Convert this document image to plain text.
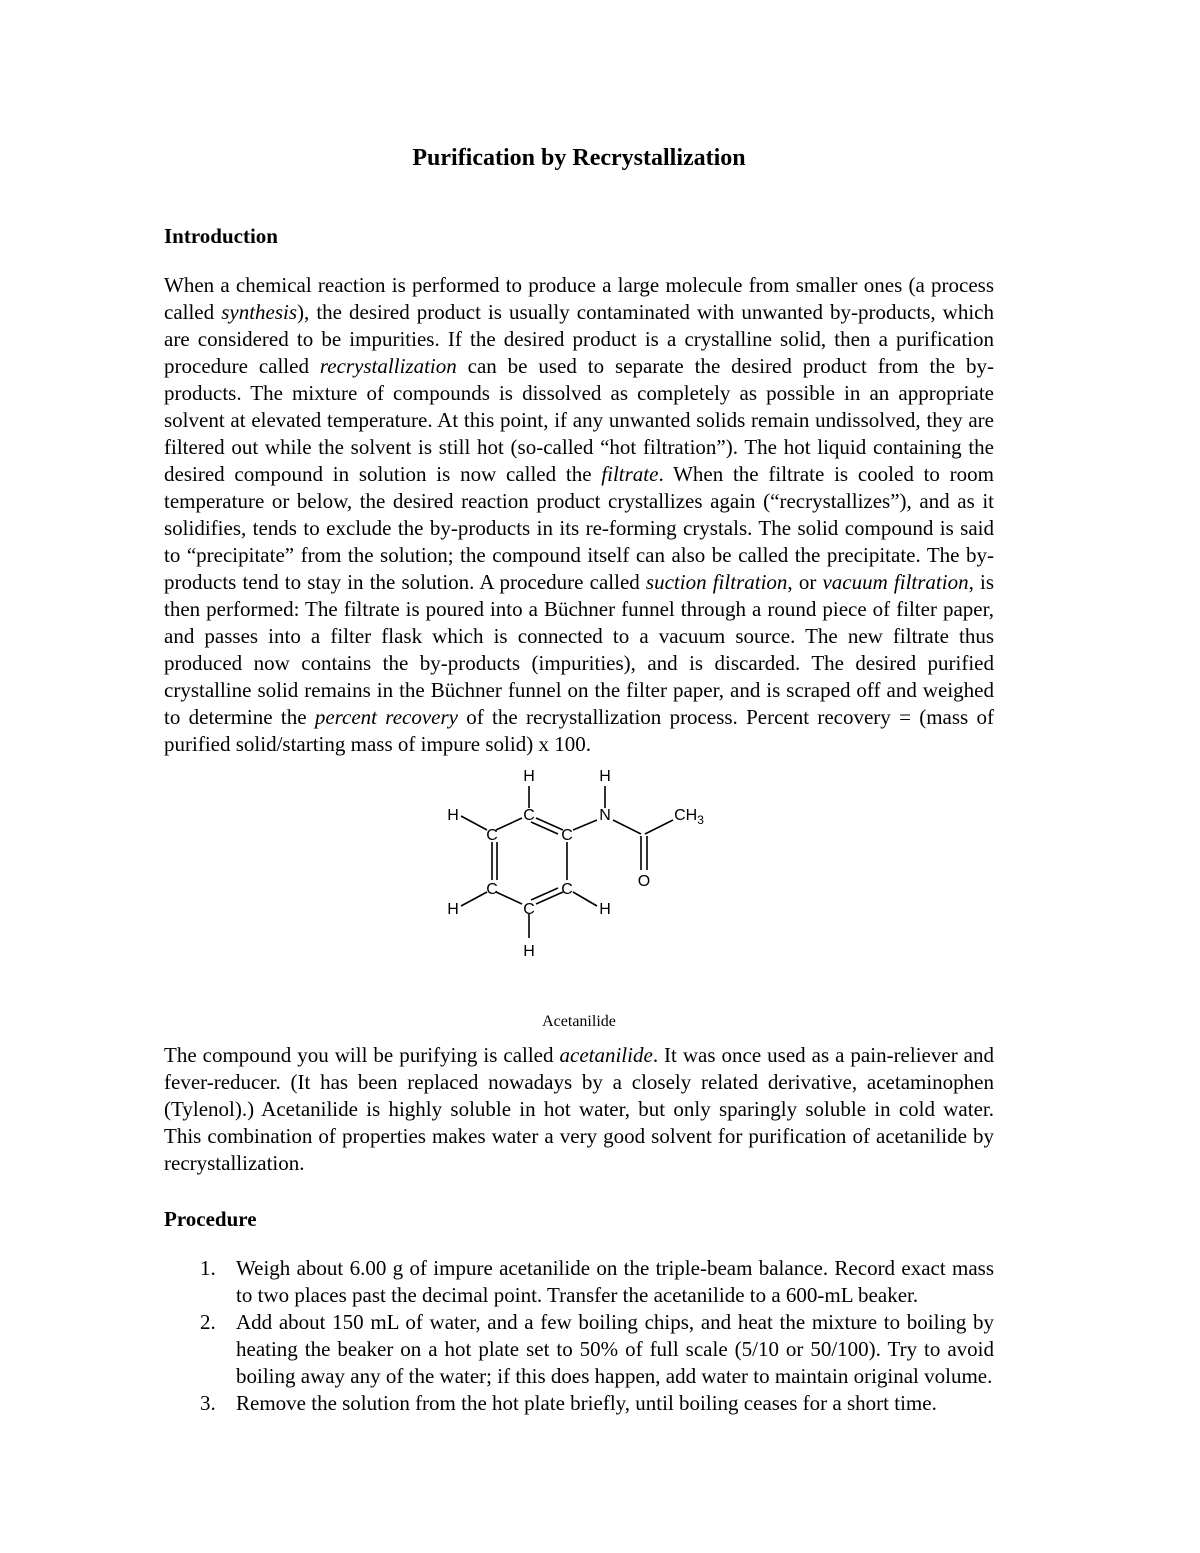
Purification by Recrystallization
Introduction

When a chemical reaction is performed to produce a large molecule from smaller ones (a process called synthesis), the desired product is usually contaminated with unwanted by-products, which are considered to be impurities. If the desired product is a crystalline solid, then a purification procedure called recrystallization can be used to separate the desired product from the by-products. The mixture of compounds is dissolved as completely as possible in an appropriate solvent at elevated temperature. At this point, if any unwanted solids remain undissolved, they are filtered out while the solvent is still hot (so-called “hot filtration”). The hot liquid containing the desired compound in solution is now called the filtrate. When the filtrate is cooled to room temperature or below, the desired reaction product crystallizes again (“recrystallizes”), and as it solidifies, tends to exclude the by-products in its re-forming crystals. The solid compound is said to “precipitate” from the solution; the compound itself can also be called the precipitate. The by-products tend to stay in the solution. A procedure called suction filtration, or vacuum filtration, is then performed: The filtrate is poured into a Büchner funnel through a round piece of filter paper, and passes into a filter flask which is connected to a vacuum source. The new filtrate thus produced now contains the by-products (impurities), and is discarded. The desired purified crystalline solid remains in the Büchner funnel on the filter paper, and is scraped off and weighed to determine the percent recovery of the recrystallization process. Percent recovery = (mass of purified solid/starting mass of impure solid) x 100.

H	H
H	C	N	$CH_3$
C	C
C	C	O
H	C	H
H
Acetanilide

The compound you will be purifying is called acetanilide. It was once used as a pain-reliever and fever-reducer. (It has been replaced nowadays by a closely related derivative, acetaminophen (Tylenol).) Acetanilide is highly soluble in hot water, but only sparingly soluble in cold water. This combination of properties makes water a very good solvent for purification of acetanilide by recrystallization.

Procedure
1. Weigh about 6.00 g of impure acetanilide on the triple-beam balance. Record exact mass to two places past the decimal point. Transfer the acetanilide to a 600-mL beaker.
2. Add about 150 mL of water, and a few boiling chips, and heat the mixture to boiling by heating the beaker on a hot plate set to 50% of full scale (5/10 or 50/100). Try to avoid boiling away any of the water; if this does happen, add water to maintain original volume.
3. Remove the solution from the hot plate briefly, until boiling ceases for a short time.
